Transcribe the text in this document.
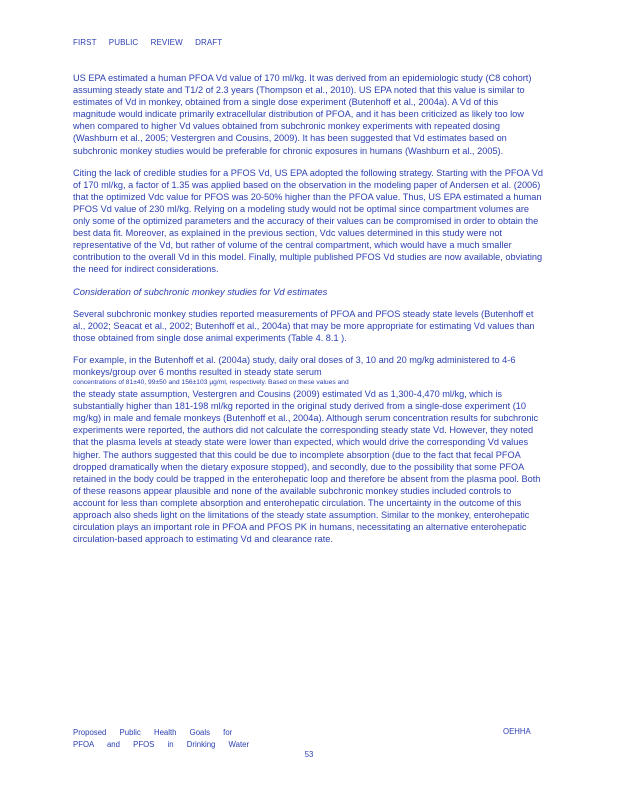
FIRST PUBLIC REVIEW DRAFT

US EPA estimated a human PFOA Vd value of 170 ml/kg. It was derived from an epidemiologic study (C8 cohort) assuming steady state and T1/2 of 2.3 years (Thompson et al., 2010). US EPA noted that this value is similar to estimates of Vd in monkey, obtained from a single dose experiment (Butenhoff et al., 2004a). A Vd of this magnitude would indicate primarily extracellular distribution of PFOA, and it has been criticized as likely too low when compared to higher Vd values obtained from subchronic monkey experiments with repeated dosing (Washburn et al., 2005; Vestergren and Cousins, 2009). It has been suggested that Vd estimates based on subchronic monkey studies would be preferable for chronic exposures in humans (Washburn et al., 2005).

Citing the lack of credible studies for a PFOS Vd, US EPA adopted the following strategy. Starting with the PFOA Vd of 170 ml/kg, a factor of 1.35 was applied based on the observation in the modeling paper of Andersen et al. (2006) that the optimized Vdc value for PFOS was 20-50% higher than the PFOA value. Thus, US EPA estimated a human PFOS Vd value of 230 ml/kg. Relying on a modeling study would not be optimal since compartment volumes are only some of the optimized parameters and the accuracy of their values can be compromised in order to obtain the best data fit. Moreover, as explained in the previous section, Vdc values determined in this study were not representative of the Vd, but rather of volume of the central compartment, which would have a much smaller contribution to the overall Vd in this model. Finally, multiple published PFOS Vd studies are now available, obviating the need for indirect considerations.

Consideration of subchronic monkey studies for Vd estimates

Several subchronic monkey studies reported measurements of PFOA and PFOS steady state levels (Butenhoff et al., 2002; Seacat et al., 2002; Butenhoff et al., 2004a) that may be more appropriate for estimating Vd values than those obtained from single dose animal experiments (Table 4. 8.1 ).

For example, in the Butenhoff et al. (2004a) study, daily oral doses of 3, 10 and 20 mg/kg administered to 4-6 monkeys/group over 6 months resulted in steady state serum

concentrations of 81±40, 99±50 and 156±103 µg/ml, respectively. Based on these values and

the steady state assumption, Vestergren and Cousins (2009) estimated Vd as 1,300-4,470 ml/kg, which is substantially higher than 181-198 ml/kg reported in the original study derived from a single-dose experiment (10 mg/kg) in male and female monkeys (Butenhoff et al., 2004a). Although serum concentration results for subchronic experiments were reported, the authors did not calculate the corresponding steady state Vd. However, they noted that the plasma levels at steady state were lower than expected, which would drive the corresponding Vd values higher. The authors suggested that this could be due to incomplete absorption (due to the fact that fecal PFOA dropped dramatically when the dietary exposure stopped), and secondly, due to the possibility that some PFOA retained in the body could be trapped in the enterohepatic loop and therefore be absent from the plasma pool. Both of these reasons appear plausible and none of the available subchronic monkey studies included controls to account for less than complete absorption and enterohepatic circulation. The uncertainty in the outcome of this approach also sheds light on the limitations of the steady state assumption. Similar to the monkey, enterohepatic circulation plays an important role in PFOA and PFOS PK in humans, necessitating an alternative enterohepatic circulation-based approach to estimating Vd and clearance rate.

Proposed Public Health Goals for
PFOA and PFOS in Drinking Water
OEHHA
53
